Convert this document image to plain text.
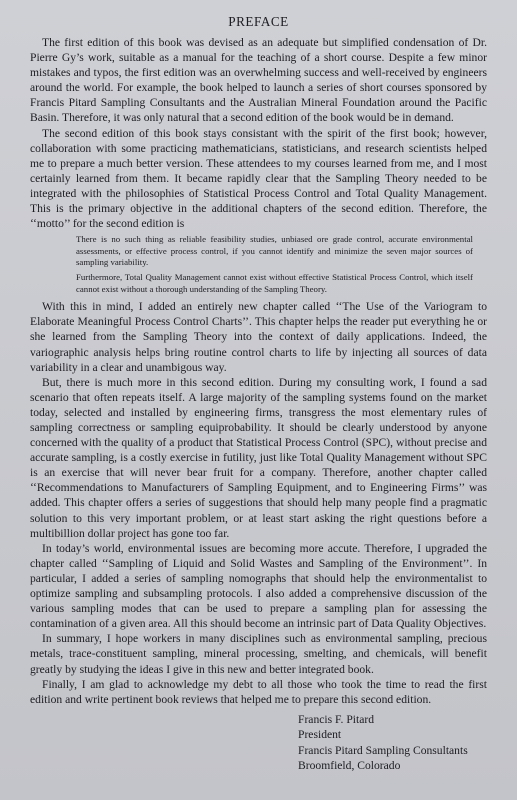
PREFACE

The first edition of this book was devised as an adequate but simplified condensation of Dr. Pierre Gy’s work, suitable as a manual for the teaching of a short course. Despite a few minor mistakes and typos, the first edition was an overwhelming success and well-received by engineers around the world. For example, the book helped to launch a series of short courses sponsored by Francis Pitard Sampling Consultants and the Australian Mineral Foundation around the Pacific Basin. Therefore, it was only natural that a second edition of the book would be in demand.

The second edition of this book stays consistant with the spirit of the first book; however, collaboration with some practicing mathematicians, statisticians, and research scientists helped me to prepare a much better version. These attendees to my courses learned from me, and I most certainly learned from them. It became rapidly clear that the Sampling Theory needed to be integrated with the philosophies of Statistical Process Control and Total Quality Management. This is the primary objective in the additional chapters of the second edition. Therefore, the ‘‘motto’’ for the second edition is

There is no such thing as reliable feasibility studies, unbiased ore grade control, accurate environmental assessments, or effective process control, if you cannot identify and minimize the seven major sources of sampling variability.

Furthermore, Total Quality Management cannot exist without effective Statistical Process Control, which itself cannot exist without a thorough understanding of the Sampling Theory.

With this in mind, I added an entirely new chapter called ‘‘The Use of the Variogram to Elaborate Meaningful Process Control Charts’’. This chapter helps the reader put everything he or she learned from the Sampling Theory into the context of daily applications. Indeed, the variographic analysis helps bring routine control charts to life by injecting all sources of data variability in a clear and unambigous way.

But, there is much more in this second edition. During my consulting work, I found a sad scenario that often repeats itself. A large majority of the sampling systems found on the market today, selected and installed by engineering firms, transgress the most elementary rules of sampling correctness or sampling equiprobability. It should be clearly understood by anyone concerned with the quality of a product that Statistical Process Control (SPC), without precise and accurate sampling, is a costly exercise in futility, just like Total Quality Management without SPC is an exercise that will never bear fruit for a company. Therefore, another chapter called ‘‘Recommendations to Manufacturers of Sampling Equipment, and to Engineering Firms’’ was added. This chapter offers a series of suggestions that should help many people find a pragmatic solution to this very important problem, or at least start asking the right questions before a multibillion dollar project has gone too far.

In today’s world, environmental issues are becoming more accute. Therefore, I upgraded the chapter called ‘‘Sampling of Liquid and Solid Wastes and Sampling of the Environment’’. In particular, I added a series of sampling nomographs that should help the environmentalist to optimize sampling and subsampling protocols. I also added a comprehensive discussion of the various sampling modes that can be used to prepare a sampling plan for assessing the contamination of a given area. All this should become an intrinsic part of Data Quality Objectives.

In summary, I hope workers in many disciplines such as environmental sampling, precious metals, trace-constituent sampling, mineral processing, smelting, and chemicals, will benefit greatly by studying the ideas I give in this new and better integrated book.

Finally, I am glad to acknowledge my debt to all those who took the time to read the first edition and write pertinent book reviews that helped me to prepare this second edition.

Francis F. Pitard
President
Francis Pitard Sampling Consultants
Broomfield, Colorado
